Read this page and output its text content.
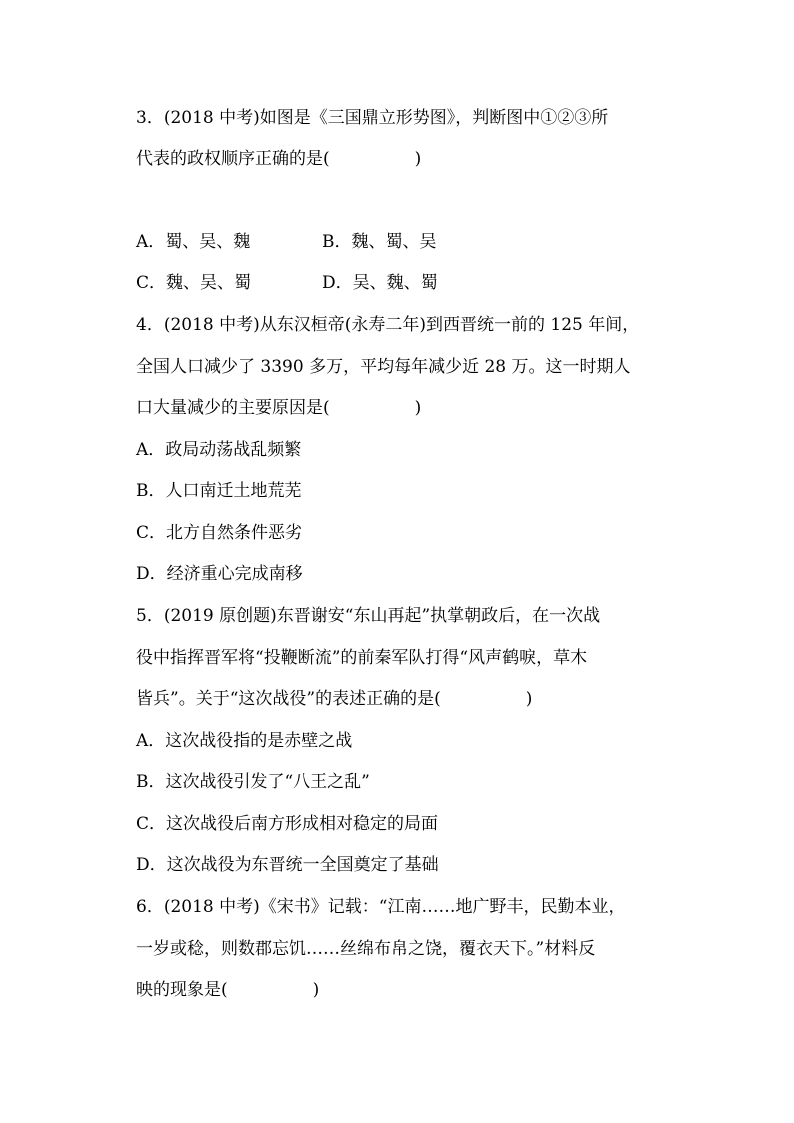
3．(2018 中考)如图是《三国鼎立形势图》，判断图中①②③所
代表的政权顺序正确的是(　　　　　)
A．蜀、吴、魏	B．魏、蜀、吴
C．魏、吴、蜀	D．吴、魏、蜀
4．(2018 中考)从东汉桓帝(永寿二年)到西晋统一前的 125 年间，
全国人口减少了 3390 多万，平均每年减少近 28 万。这一时期人
口大量减少的主要原因是(　　　　　)
A．政局动荡战乱频繁
B．人口南迁土地荒芜
C．北方自然条件恶劣
D．经济重心完成南移
5．(2019 原创题)东晋谢安“东山再起”执掌朝政后，在一次战
役中指挥晋军将“投鞭断流”的前秦军队打得“风声鹤唳，草木
皆兵”。关于“这次战役”的表述正确的是(　　　　　)
A．这次战役指的是赤壁之战
B．这次战役引发了“八王之乱”
C．这次战役后南方形成相对稳定的局面
D．这次战役为东晋统一全国奠定了基础
6．(2018 中考)《宋书》记载：“江南……地广野丰，民勤本业，
一岁或稔，则数郡忘饥……丝绵布帛之饶，覆衣天下。”材料反
映的现象是(　　　　　)
